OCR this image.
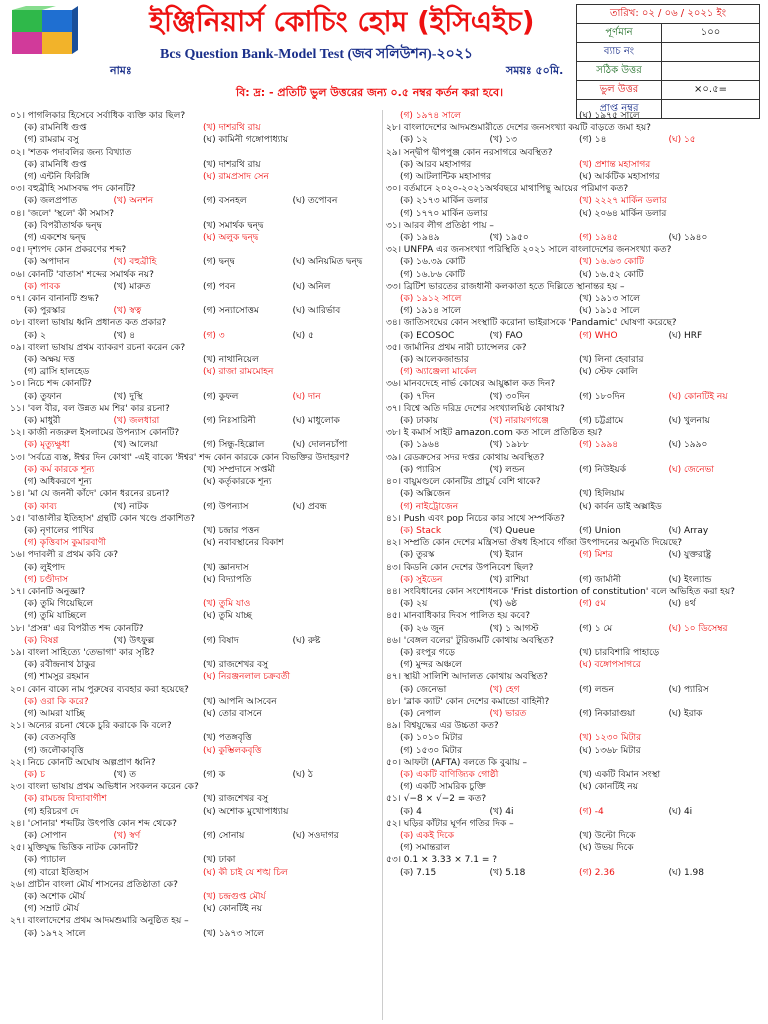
ইঞ্জিনিয়ার্স কোচিং হোম (ইসিএইচ)
Bcs Question Bank-Model Test (জব সলিউশন)-২০২১
নামঃ	সময়ঃ ৫০মি.
বি: দ্র: - প্রতিটি ভুল উত্তরের জন্য ০.৫ নম্বর কর্তন করা হবে।
তারিখ: ০২ / ০৬ / ২০২১ ইং	
পূর্ণমান	১০০
ব্যাচ নং	
সঠিক উত্তর	
ভুল উত্তর	×০.৫=
প্রাপ্ত নম্বর	
০১। পাগলিকার হিসেবে সর্বাধিক ব্যক্তি কার ছিল?
(ক) রামনিধি গুপ্ত	(খ) দাশরথি রায়
(গ) রামরাম বসু	(ঘ) কামিনী গঙ্গোপাধ্যায়
০২। 'শতক পদাবলির জন্য বিখ্যাত
(ক) রামনিধি গুপ্ত	(খ) দাশরথি রায়
(গ) এন্টনি ফিরিঙ্গি	(ঘ) রামপ্রসাদ সেন
০৩। বহুব্রীহি সমাসবদ্ধ পদ কোনটি?
(ক) জলপ্রপাত	(খ) অনশন	(গ) বসনহল	(ঘ) তপোবন
০৪। 'জলে' 'স্থলে' কী সমাস?
(ক) বিপরীতার্থক দ্বন্দ্ব	(খ) সমার্থক দ্বন্দ্ব
(গ) একশেষ দ্বন্দ্ব	(ঘ) অলুক দ্বন্দ্ব
০৫। দৃশ্যপদ কোন প্রকরণের শব্দ?
(ক) অপাদান	(খ) বহুব্রীহি	(গ) দ্বন্দ্ব	(ঘ) অনিয়মিত দ্বন্দ্ব
০৬। কোনটি 'বাতাস' শব্দের সমার্থক নয়?
(ক) পাবক	(খ) মারুত	(গ) পবন	(ঘ) অনিল
০৭। কোন বানানটি শুদ্ধ?
(ক) পুরস্কার	(খ) স্বত্ব	(গ) সন্যাসোত্তম	(ঘ) আরির্ভাব
০৮। বাংলা ভাষায় ধ্বনি প্রধানত কত প্রকার?
(ক) ২	(খ) ৪	(গ) ৩	(ঘ) ৫
০৯। বাংলা ভাষায় প্রথম ব্যাকরণ রচনা করেন কে?
(ক) অক্ষয় দত্ত	(খ) নাথানিয়েল
(গ) ব্রাসি হালহেড	(ঘ) রাজা রামমোহন
১০। নিচে শব্দ কোনটি?
(ক) তুফান	(খ) দুস্থি	(গ) কুফল	(ঘ) দান
১১। 'বল বীর, বল উন্নত মম শির' কার রচনা?
(ক) মাধুরী	(খ) জলধারা	(গ) নিঃসারিনী	(ঘ) মাধুলোক
১২। কাজী নজরুল ইসলামের উপন্যাস কোনটি?
(ক) মৃত্যুক্ষুধা	(খ) আলেয়া	(গ) সিন্ধু-হিল্লোল	(ঘ) দোলনচাঁপা
১৩। 'সর্বত্রে ব্যস্ত, ঈশ্বর দিন কোথা' -এই বাক্যে 'ঈশ্বর' শব্দ কোন কারকে কোন বিভক্তির উদাহরণ?
(ক) কর্ম কারকে শূন্য	(খ) সম্প্রদানে সপ্তমী
(গ) অধিকরণে শূন্য	(ঘ) কর্তৃকারকে শূন্য
১৪। 'মা যে জননী কাঁদে' কোন ধরনের রচনা?
(ক) কাব্য	(খ) নাটক	(গ) উপন্যাস	(ঘ) প্রবন্ধ
১৫। 'বাঙালীর ইতিহাস' গ্রন্থটি কোন খণ্ডে প্রকাশিত?
(ক) নৃণালের পাখির	(খ) চন্দ্রার পত্তন
(গ) কৃত্তিবাস কুমারবাণী	(ঘ) নবাবস্থানের বিকাশ
১৬। পদাবলী র প্রথম কবি কে?
(ক) লুইপাদ	(খ) জ্ঞানদাস
(গ) চণ্ডীদাস	(ঘ) বিদ্যাপতি
১৭। কোনটি অনুজ্ঞা?
(ক) তুমি গিয়েছিলে	(খ) তুমি যাও
(গ) তুমি যাচ্ছিলে	(ঘ) তুমি যাচ্ছ
১৮। 'প্রসন্ন' এর বিপরীত শব্দ কোনটি?
(ক) বিষণ্ণ	(খ) উৎফুল্ল	(গ) বিষাদ	(ঘ) রুষ্ট
১৯। বাংলা সাহিত্যে 'তেভাগা' কার সৃষ্টি?
(ক) রবীন্দ্রনাথ ঠাকুর	(খ) রাজশেখর বসু
(গ) শামসুর রহমান	(ঘ) নিরঞ্জনলাল চক্রবর্তী
২০। কোন বাক্যে নাম পুরুষের ব্যবহার করা হয়েছে?
(ক) ওরা কি করে?	(খ) আপনি আসবেন
(গ) আমরা যাচ্ছি	(ঘ) তোর বাসনে
২১। অন্যের রচনা থেকে চুরি করাকে কি বলে?
(ক) বেতসবৃত্তি	(খ) পতঙ্গবৃত্তি
(গ) জলৌকাবৃত্তি	(ঘ) কুম্ভিলকবৃত্তি
২২। নিচে কোনটি অঘোষ অল্পপ্রাণ ধ্বনি?
(ক) চ	(খ) ত	(গ) ক	(ঘ) ঠ
২৩। বাংলা ভাষায় প্রথম অভিধান সংকলন করেন কে?
(ক) রামচন্দ্র বিদ্যাবাগীশ	(খ) রাজশেখর বসু
(গ) হরিচরণ দে	(ঘ) অশোক মুখোপাধ্যায়
২৪। 'সোনার' শব্দটির উৎপত্তি কোন শব্দ থেকে?
(ক) সোপান	(খ) স্বর্ণ	(গ) সোনায়	(ঘ) সওদাগর
২৫। মুক্তিযুদ্ধ ভিত্তিক নাটক কোনটি?
(ক) প্যাচাল	(খ) ঢাকা
(গ) বারো ইতিহাস	(ঘ) কী চাই যে শঙ্খ চিল
২৬। প্রাচীন বাংলা মৌর্য শাসনের প্রতিষ্ঠাতা কে?
(ক) অশোক মৌর্য	(খ) চন্দ্রগুপ্ত মৌর্য
(গ) সম্রাট মৌর্য	(ঘ) কোনটিই নয়
২৭। বাংলাদেশের প্রথম আদমশুমারি অনুষ্ঠিত হয় –
(ক) ১৯৭২ সালে	(খ) ১৯৭৩ সালে
(গ) ১৯৭৪ সালে	(ঘ) ১৯৭৫ সালে
২৮। বাংলাদেশের আদমশুমারীতে দেশের জনসংখ্যা কয়টি বাড়তে জমা হয়?
(ক) ১২	(খ) ১৩	(গ) ১৪	(ঘ) ১৫
২৯। সন্দ্বীপ দ্বীপপুঞ্জ কোন নরসাগরে অবস্থিত?
(ক) আরব মহাসাগর	(খ) প্রশান্ত মহাসাগর
(গ) আটলান্টিক মহাসাগর	(ঘ) আর্কটিক মহাসাগর
৩০। বর্তমানে ২০২০-২০২১অর্থবছরে মাথাপিছু আয়ের পরিমাণ কত?
(ক) ২১৭৩ মার্কিন ডলার	(খ) ২২২৭ মার্কিন ডলার
(গ) ১৭৭০ মার্কিন ডলার	(ঘ) ২০৬৪ মার্কিন ডলার
৩১। আরব লীগ প্রতিষ্ঠা পায় –
(ক) ১৯৪৯	(খ) ১৯৫০	(গ) ১৯৪৫	(ঘ) ১৯৪০
৩২। UNFPA এর জনসংখ্যা পরিস্থিতি ২০২১ সালে বাংলাদেশের জনসংখ্যা কত?
(ক) ১৬.৩৯ কোটি	(খ) ১৬.৬৩ কোটি
(গ) ১৬.৮৬ কোটি	(ঘ) ১৬.৫২ কোটি
৩৩। ব্রিটিশ ভারতের রাজধানী কলকাতা হতে দিল্লিতে স্থানান্তর হয় –
(ক) ১৯১২ সালে	(খ) ১৯১৩ সালে
(গ) ১৯১৪ সালে	(ঘ) ১৯১৫ সালে
৩৪। জাতিসংঘের কোন সংস্থাটি করোনা ভাইরাসকে 'Pandamic' ঘোষণা করেছে?
(ক) ECOSOC	(খ) FAO	(গ) WHO	(ঘ) HRF
৩৫। জার্মানির প্রথম নারী চ্যান্সেলর কে?
(ক) আলেকজান্ডার	(খ) লিনা হেবারার
(গ) অ্যাঞ্জেলা মার্কেল	(ঘ) স্টেফ কোলি
৩৬। মানবদেহে নার্ভ কোষের আয়ুষ্কাল কত দিন?
(ক) ৭দিন	(খ) ৩০দিন	(গ) ১৮০দিন	(ঘ) কোনটিই নয়
৩৭। বিশ্বে অতি দরিদ্র দেশের সংখ্যালঘিষ্ঠ কোথায়?
(ক) ঢাকায়	(খ) নারায়ণগঞ্জে	(গ) চট্টগ্রামে	(ঘ) খুলনায়
৩৮। ই কমার্স সাইট amazon.com কত সালে প্রতিষ্ঠিত হয়?
(ক) ১৯৬৪	(খ) ১৯৮৮	(গ) ১৯৯৪	(ঘ) ১৯৯০
৩৯। রেডক্রসের সদর দপ্তর কোথায় অবস্থিত?
(ক) প্যারিস	(খ) লন্ডন	(গ) নিউইয়র্ক	(ঘ) জেনেভা
৪০। বায়ুমণ্ডলে কোনটির প্রাচুর্য বেশি থাকে?
(ক) অক্সিজেন	(খ) হিলিয়াম
(গ) নাইট্রোজেন	(ঘ) কার্বন ডাই অক্সাইড
৪১। Push এবং pop নিচের কার সাথে সম্পর্কিত?
(ক) Stack	(খ) Queue	(গ) Union	(ঘ) Array
৪২। সম্প্রতি কোন দেশের মন্ত্রিসভা ঔষধ হিসাবে গাঁজা উৎপাদনের অনুমতি দিয়েছে?
(ক) তুরস্ক	(খ) ইরান	(গ) মিশর	(ঘ) যুক্তরাষ্ট্র
৪৩। কিডনি কোন দেশের উপনিবেশ ছিল?
(ক) সুইডেন	(খ) রাশিয়া	(গ) জার্মানী	(ঘ) ইংল্যান্ড
৪৪। সংবিধানের কোন সংশোধনকে 'Frist distortion of constitution' বলে অভিহিত করা হয়?
(ক) ২য়	(খ) ৬ষ্ঠ	(গ) ৫ম	(ঘ) ৪র্থ
৪৫। মানবাধিকার দিবস পালিত হয় কবে?
(ক) ২৬ জুন	(খ) ১ আগস্ট	(গ) ১ মে	(ঘ) ১০ ডিসেম্বর
৪৬। 'বেঙ্গল বলের' টুরিজমটি কোথায় অবস্থিত?
(ক) রংপুর গড়ে	(খ) চারবিশারি পাহাড়ে
(গ) মুন্দর অঞ্চলে	(ঘ) বঙ্গোপসাগরে
৪৭। স্থায়ী সালিশি আদালত কোথায় অবস্থিত?
(ক) জেনেভা	(খ) হেগ	(গ) লন্ডন	(ঘ) প্যারিস
৪৮। 'ব্লাক ক্যাট' কোন দেশের কমান্ডো বাহিনী?
(ক) নেপাল	(খ) ভারত	(গ) নিকারাগুয়া	(ঘ) ইরাক
৪৯। বিশ্বযুদ্ধের এর উচ্চতা কত?
(ক) ১০১০ মিটার	(খ) ১২৩০ মিটার
(গ) ১৫৩০ মিটার	(ঘ) ১৩৬৮ মিটার
৫০। আফটা (AFTA) বলতে কি বুঝায় –
(ক) একটি বাণিজ্যিক গোষ্ঠী	(খ) একটি বিমান সংস্থা
(গ) একটি সামরিক চুক্তি	(ঘ) কোনটিই নয়
৫১। √−8 × √−2 = কত?
(ক) 4	(খ) 4i	(গ) -4	(ঘ) 4i
৫২। ঘড়ির কাঁটার ঘূর্ণন গতির দিক –
(ক) একই দিকে	(খ) উল্টো দিকে
(গ) সমান্তরাল	(ঘ) উভয় দিকে
৫৩। 0.1 × 3.33 × 7.1 = ?
(ক) 7.15	(খ) 5.18	(গ) 2.36	(ঘ) 1.98
